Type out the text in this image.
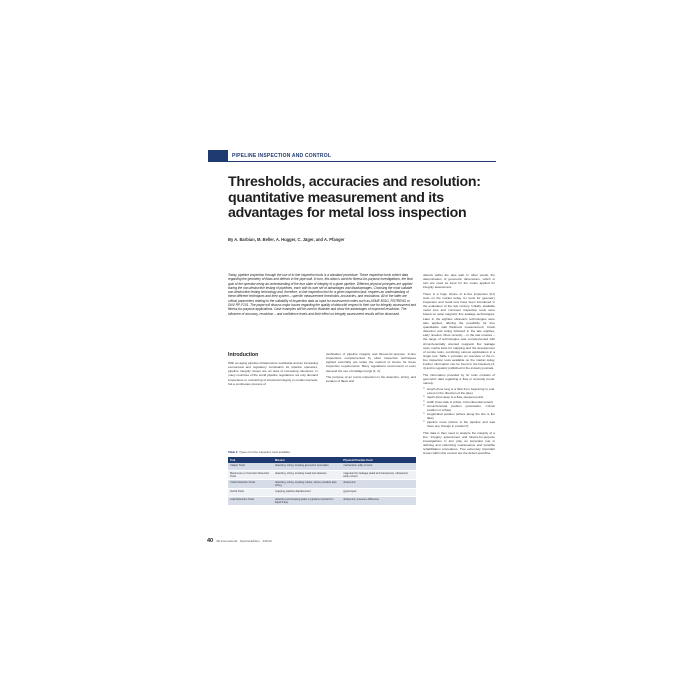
PIPELINE INSPECTION AND CONTROL
Thresholds, accuracies and resolution: quantitative measurement and its advantages for metal loss inspection
By A. Barbian, M. Beller, A. Hugger, C. Jäger, and A. Pfanger
Today, pipeline inspection through the use of in-line inspection tools is a standard procedure. These inspection tools collect data regarding the geometry of flaws and defects in the pipe wall. In turn, this data is used for fitness-for-purpose investigations, the final goal of the operator being an understanding of the true state of integrity of a given pipeline. Different physical principles are applied during the non-destructive testing of pipelines, each with its own set of advantages and disadvantages. Choosing the most suitable non-destructive testing technology and, therefore, in-line inspection tool for a given inspection task, requires an understanding of these different techniques and their system – specific measurement thresholds, accuracies, and resolutions. All of the latter are critical parameters relating to the suitability of inspection data as input for assessment codes such as ASME B31G, RSTRENG or DNV RP-F101. The paper will discuss major issues regarding the quality of data with respect to their use for integrity assessment and fitness-for-purpose applications. Case examples will be used to illustrate and show the advantages of improved resolution. The influence of accuracy, resolution – and confidence levels and their effect on integrity assessment results will be discussed.
Introduction

With an aging pipeline infrastructure worldwide and an increasing economical and regulatory constraints for pipeline operators, pipeline integrity issues are an area of increasing relevance. In many countries of the world pipeline regulations not only demand inspections or monitoring of structural integrity in certain intervals, but a continuous process of

verification of pipeline integrity and fitness-for-purpose. In-line inspections complemented by other inspection techniques applied externally are today the method of choice for these inspection requirements. Many regulations recommend or even demand the use of intelligent pigs [1, 2].

The purpose of an in-line inspection is the detection, sizing, and location of flaws and

defects within the pipe wall. In other words, the determination of geometric dimensions, which in turn are used as input for the codes applied for integrity assessment.

There is a huge choice of in-line inspection (ILI) tools on the market today. ILI tools for geometry inspection and metal loss have been introduced in the evaluation of the last century. Initially, available metal loss and corrosion inspection tools were based on axial magnetic flux leakage technologies. Later in the eighties ultrasonic technologies were also applied, offering the possibility for true quantitative wall thickness measurement. Crack detection and sizing followed in the late eighties, early nineties. More recently – in the late nineties – the range of technologies was complemented with circumferentially oriented magnetic flux leakage tools, inertia tools for mapping and the development of combo tools, combining various applications in a single tool. Table 1 provides an overview of the in-line inspection tools available on the market today. Further information can be found in the literature [3, 4] and is regularly published in the industry journals.

The information provided by ILI tools consists of geometric data regarding a flaw or anomaly found, namely:

□ length (how long is a flaw from beginning to end, extent in the direction of the pipe)
□ depth (how deep is a flaw, deepest point)
□ width (how wide is a flaw, circumferential extent)
□ circumferential position (orientation, o'clock position of a flaw)
□ longitudinal position (where along the line is the flaw)
□ pipeline route (where is the pipeline and was there any change in position?)

This data is then used to analyze the integrity of a line. Integrity assessment and fitness-for-purpose investigations in turn play an important role in defining and optimizing maintenance and possible rehabilitation procedures. Two extremely important issues within this context are the defect specifica-

Table 1: Types of in-line inspection tools available.
Tool	Mission	Physical Principle Used
Caliper Tools	detecting, sizing, locating geometric anomalies	mechanical, eddy current
Metal Loss or Corrosion Detection Tools	detecting, sizing, locating metal loss features	magnetic flux leakage (axial and transverse), ultrasound, eddy current
Crack Detection Tools	detecting, sizing, locating cracks, where possible also sizing	ultrasound
Inertia Tools	mapping pipeline displacement	gyroscopes
Leak Detection Tools	detecting and locating leaks in pipelines (limited for liquid lines)	ultrasound, pressure difference
40 3R international · Special-Edition · 2/2010
